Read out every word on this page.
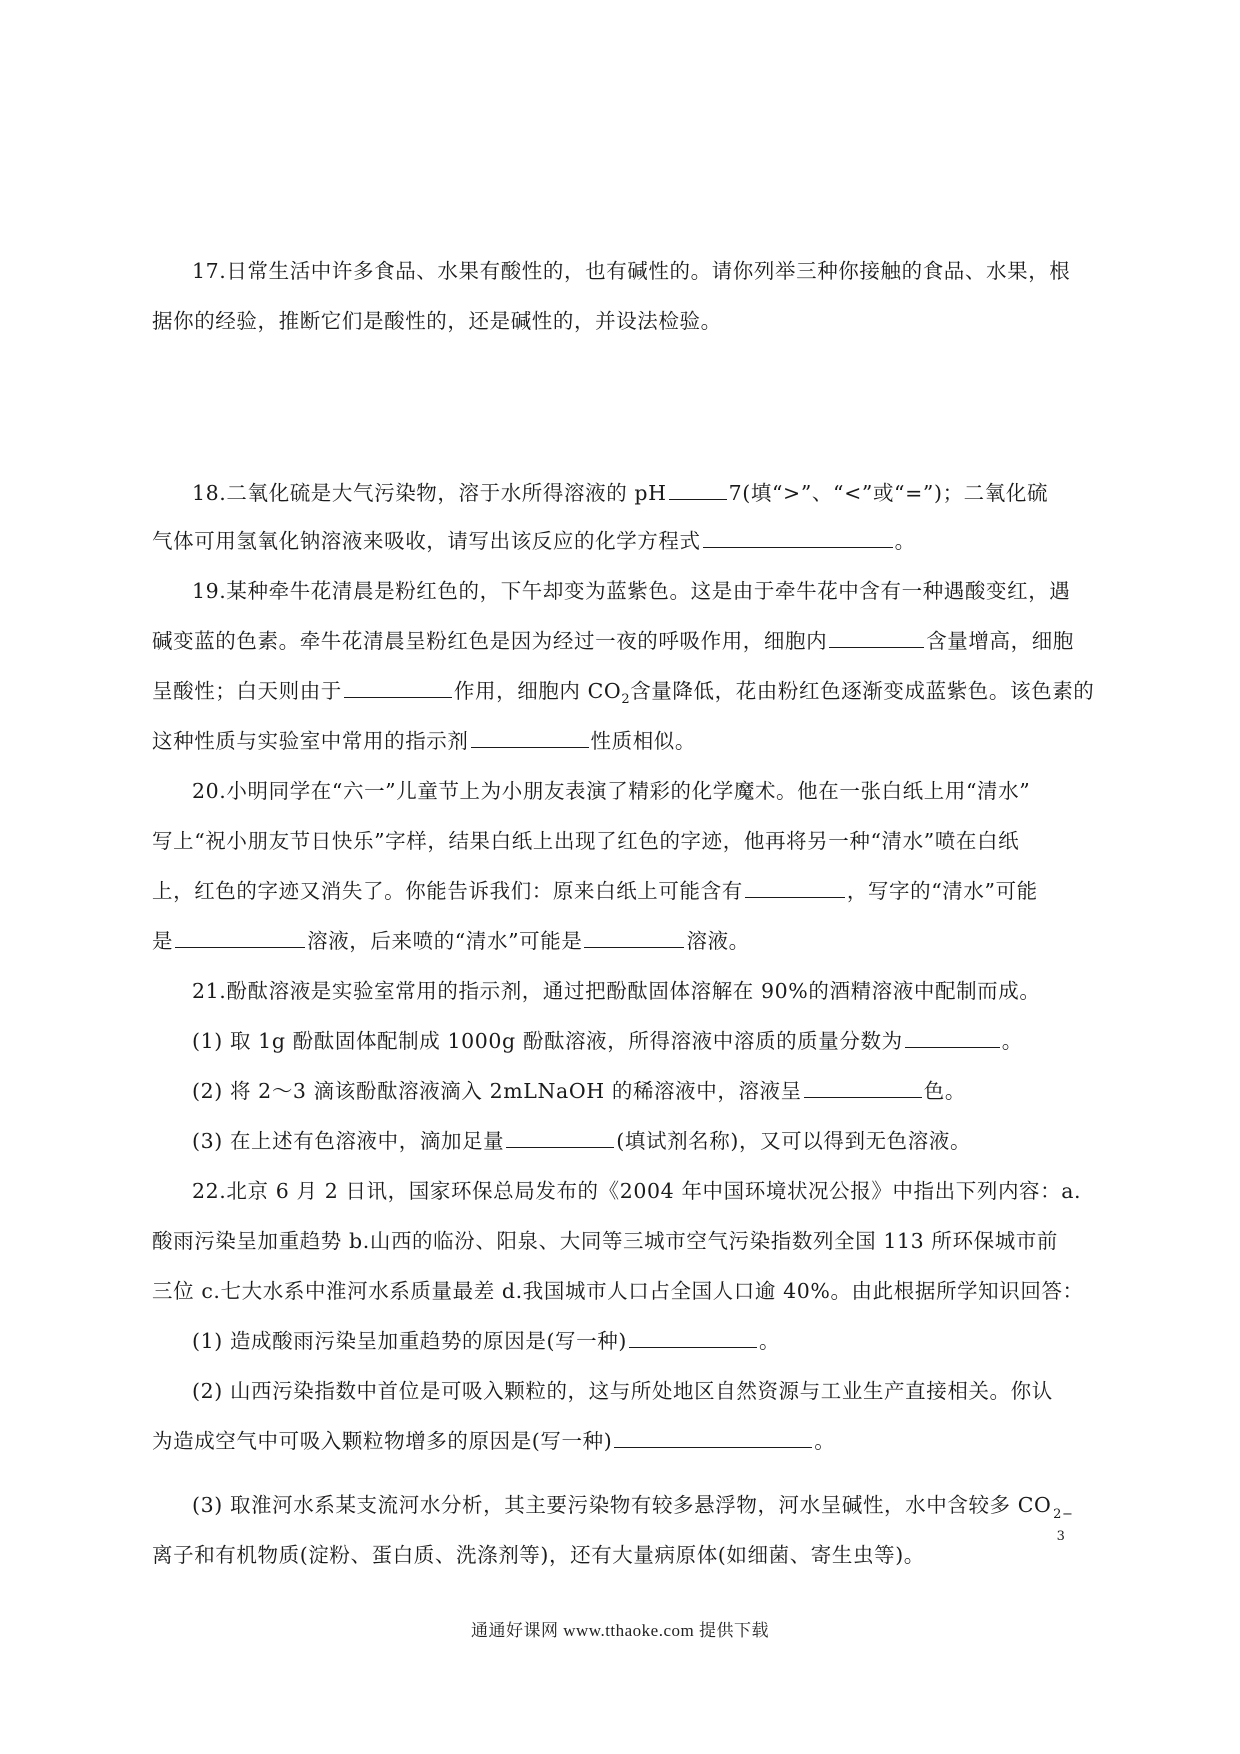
17.日常生活中许多食品、水果有酸性的，也有碱性的。请你列举三种你接触的食品、水果，根
据你的经验，推断它们是酸性的，还是碱性的，并设法检验。
18.二氧化硫是大气污染物，溶于水所得溶液的 pH	7(填“>”、“<”或“=”)；二氧化硫
气体可用氢氧化钠溶液来吸收，请写出该反应的化学方程式	。
19.某种牵牛花清晨是粉红色的，下午却变为蓝紫色。这是由于牵牛花中含有一种遇酸变红，遇
碱变蓝的色素。牵牛花清晨呈粉红色是因为经过一夜的呼吸作用，细胞内	含量增高，细胞
呈酸性；白天则由于	作用，细胞内 $CO_2$含量降低，花由粉红色逐渐变成蓝紫色。该色素的
这种性质与实验室中常用的指示剂	性质相似。
20.小明同学在“六一”儿童节上为小朋友表演了精彩的化学魔术。他在一张白纸上用“清水”
写上“祝小朋友节日快乐”字样，结果白纸上出现了红色的字迹，他再将另一种“清水”喷在白纸
上，红色的字迹又消失了。你能告诉我们：原来白纸上可能含有	，写字的“清水”可能
是	溶液，后来喷的“清水”可能是	溶液。
21.酚酞溶液是实验室常用的指示剂，通过把酚酞固体溶解在 90%的酒精溶液中配制而成。
(1) 取 1g 酚酞固体配制成 1000g 酚酞溶液，所得溶液中溶质的质量分数为	。
(2) 将 2～3 滴该酚酞溶液滴入 2mLNaOH 的稀溶液中，溶液呈	色。
(3) 在上述有色溶液中，滴加足量	(填试剂名称)，又可以得到无色溶液。
22.北京 6 月 2 日讯，国家环保总局发布的《2004 年中国环境状况公报》中指出下列内容：a.
酸雨污染呈加重趋势 b.山西的临汾、阳泉、大同等三城市空气污染指数列全国 113 所环保城市前
三位 c.七大水系中淮河水系质量最差 d.我国城市人口占全国人口逾 40%。由此根据所学知识回答：
(1) 造成酸雨污染呈加重趋势的原因是(写一种)	。
(2) 山西污染指数中首位是可吸入颗粒的，这与所处地区自然资源与工业生产直接相关。你认
为造成空气中可吸入颗粒物增多的原因是(写一种)	。
(3) 取淮河水系某支流河水分析，其主要污染物有较多悬浮物，河水呈碱性，水中含较多 CO 2−
3
离子和有机物质(淀粉、蛋白质、洗涤剂等)，还有大量病原体(如细菌、寄生虫等)。
通通好课网 www.tthaoke.com 提供下载
